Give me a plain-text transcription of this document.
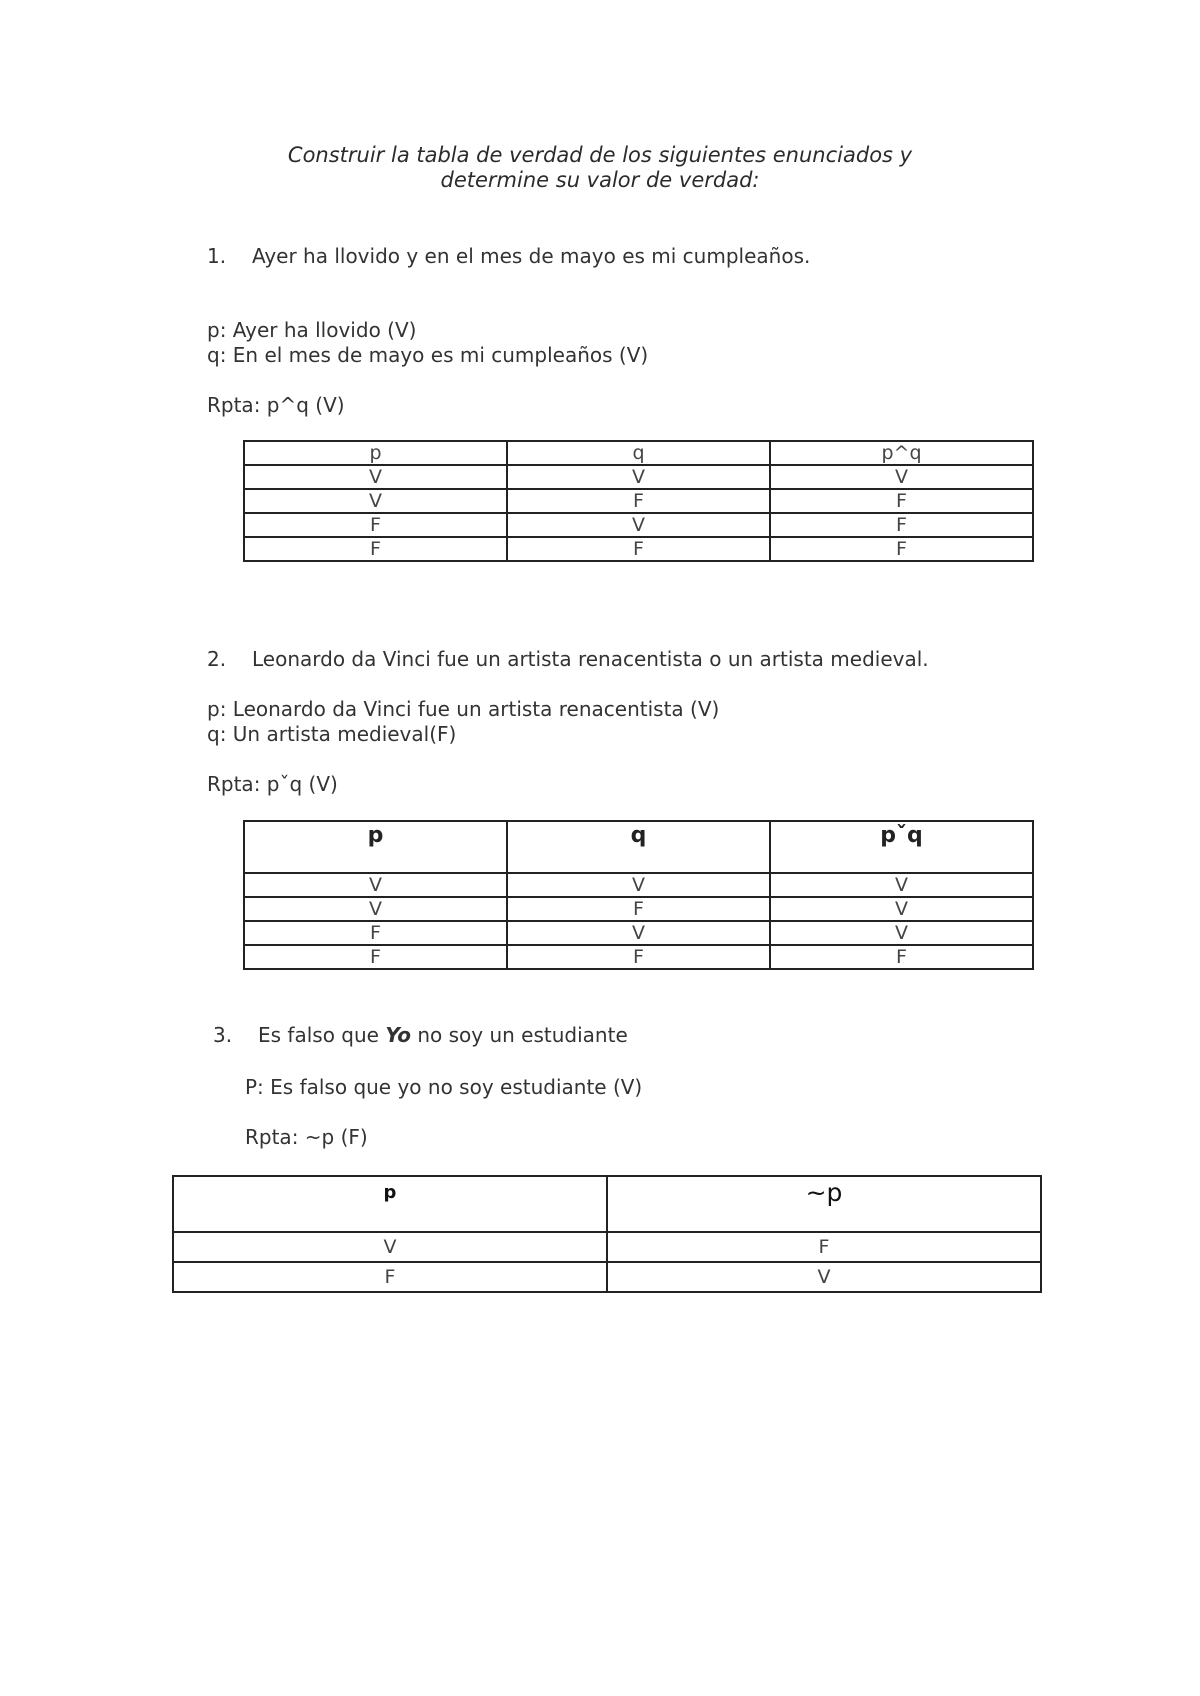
Construir la tabla de verdad de los siguientes enunciados y
determine su valor de verdad:
1. Ayer ha llovido y en el mes de mayo es mi cumpleaños.
p: Ayer ha llovido (V)
q: En el mes de mayo es mi cumpleaños (V)
Rpta: p^q (V)
p	q	p^q
V	V	V
V	F	F
F	V	F
F	F	F
2. Leonardo da Vinci fue un artista renacentista o un artista medieval.
p: Leonardo da Vinci fue un artista renacentista (V)
q: Un artista medieval(F)
Rpta: pˇq (V)
p	q	pˇq
V	V	V
V	F	V
F	V	V
F	F	F
3. Es falso que Yo no soy un estudiante
P: Es falso que yo no soy estudiante (V)
Rpta: ~p (F)
p	~p
V	F
F	V
